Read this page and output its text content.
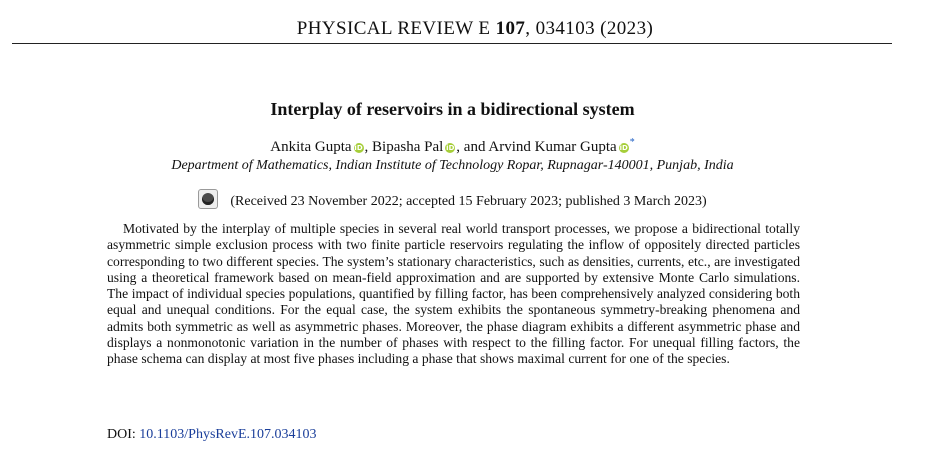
PHYSICAL REVIEW E 107, 034103 (2023)
Interplay of reservoirs in a bidirectional system
Ankita Gupta iD , Bipasha Pal iD , and Arvind Kumar Gupta iD *
Department of Mathematics, Indian Institute of Technology Ropar, Rupnagar-140001, Punjab, India
(Received 23 November 2022; accepted 15 February 2023; published 3 March 2023)

Motivated by the interplay of multiple species in several real world transport processes, we propose a bidirectional totally asymmetric simple exclusion process with two finite particle reservoirs regulating the inflow of oppositely directed particles corresponding to two different species. The system’s stationary characteristics, such as densities, currents, etc., are investigated using a theoretical framework based on mean-field approximation and are supported by extensive Monte Carlo simulations. The impact of individual species populations, quantified by filling factor, has been comprehensively analyzed considering both equal and unequal conditions. For the equal case, the system exhibits the spontaneous symmetry-breaking phenomena and admits both symmetric as well as asymmetric phases. Moreover, the phase diagram exhibits a different asymmetric phase and displays a nonmonotonic variation in the number of phases with respect to the filling factor. For unequal filling factors, the phase schema can display at most five phases including a phase that shows maximal current for one of the species.

DOI: 10.1103/PhysRevE.107.034103
